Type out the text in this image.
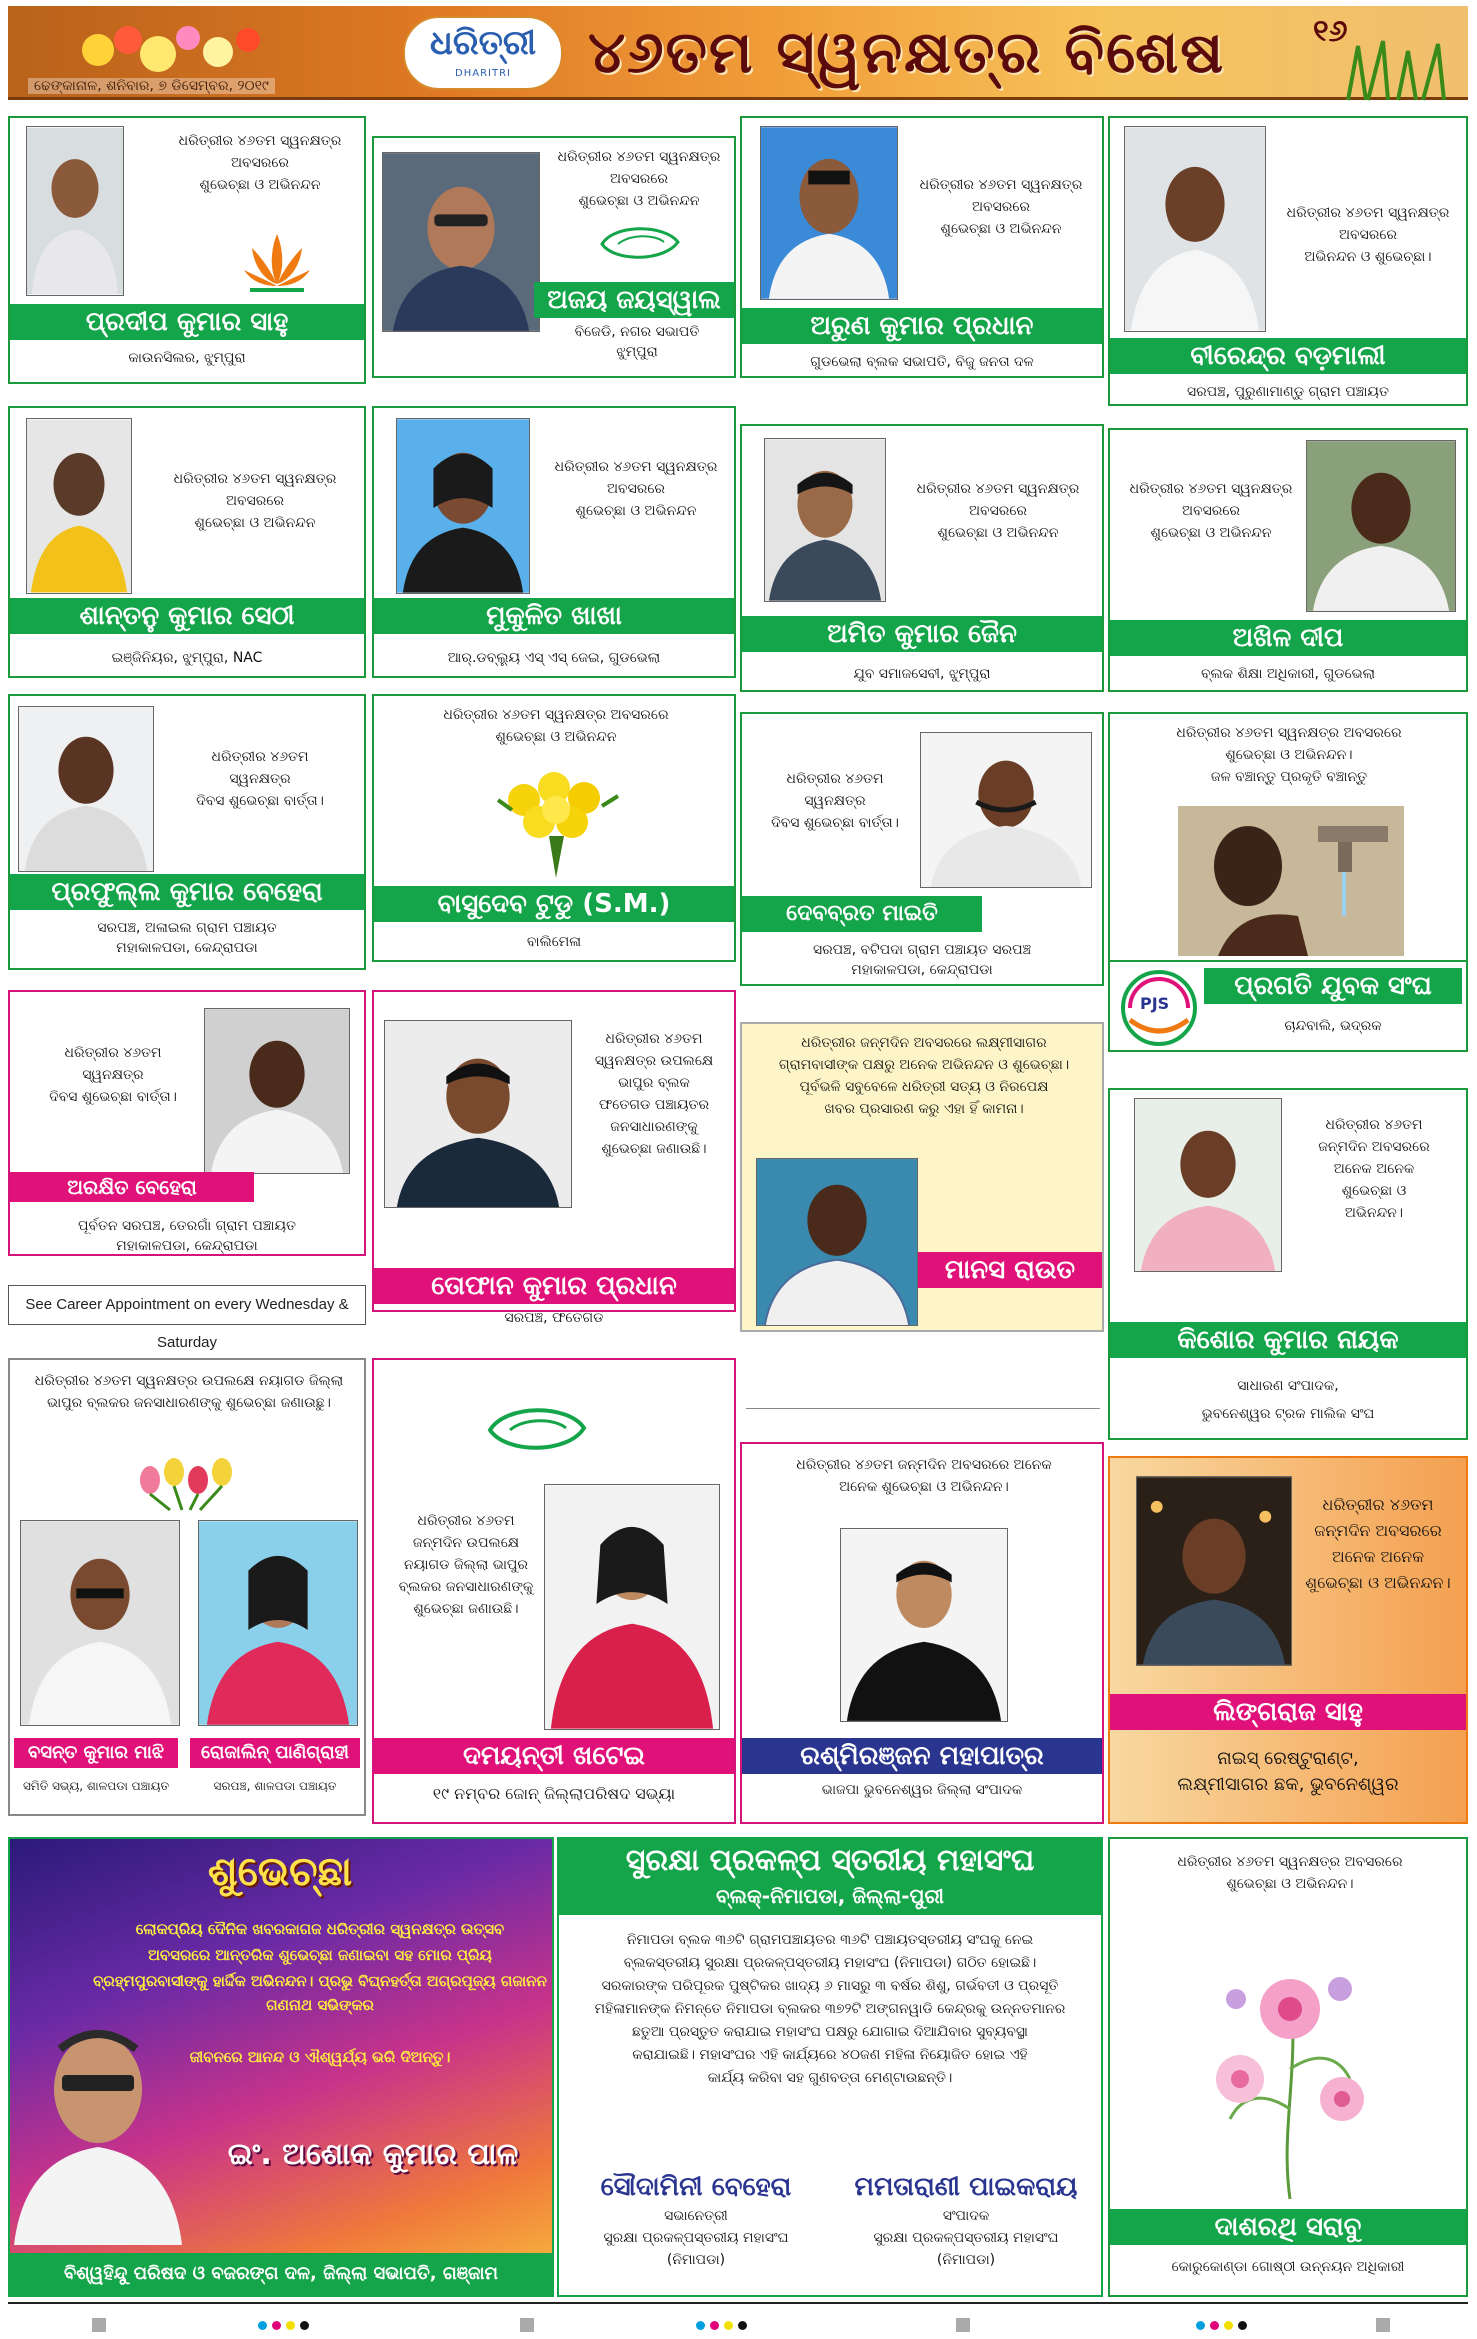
ଧରିତ୍ରୀ
DHARITRI	୪୬ତମ ସ୍ୱନକ୍ଷତ୍ର ବିଶେଷ	୧୬
ଢେଙ୍କାନାଳ, ଶନିବାର, ୭ ଡିସେମ୍ବର, ୨୦୧୯
ଧରିତ୍ରୀର ୪୬ତମ ସ୍ୱନକ୍ଷତ୍ର
ଅବସରରେ
ଶୁଭେଚ୍ଛା ଓ ଅଭିନନ୍ଦନ
ପ୍ରଦୀପ କୁମାର ସାହୁ
କାଉନସିଲର, ଝୁମ୍ପୁରା
ଧରିତ୍ରୀର ୪୬ତମ ସ୍ୱନକ୍ଷତ୍ର
ଅବସରରେ
ଶୁଭେଚ୍ଛା ଓ ଅଭିନନ୍ଦନ
ଅଜୟ ଜୟସ୍ୱାଲ
ବିଜେଡି, ନଗର ସଭାପତି
ଝୁମ୍ପୁରା
ଧରିତ୍ରୀର ୪୬ତମ ସ୍ୱନକ୍ଷତ୍ର
ଅବସରରେ
ଶୁଭେଚ୍ଛା ଓ ଅଭିନନ୍ଦନ
ଅରୁଣ କୁମାର ପ୍ରଧାନ
ଗୁଡଭେଲା ବ୍ଲକ ସଭାପତି, ବିଜୁ ଜନତା ଦଳ
ଧରିତ୍ରୀର ୪୬ତମ ସ୍ୱନକ୍ଷତ୍ର
ଅବସରରେ
ଅଭିନନ୍ଦନ ଓ ଶୁଭେଚ୍ଛା।
ବୀରେନ୍ଦ୍ର ବଡ଼ମାଲୀ
ସରପଞ୍ଚ, ପୁରୁଣାମାଣ୍ଡୁ ଗ୍ରାମ ପଞ୍ଚାୟତ
ଧରିତ୍ରୀର ୪୬ତମ ସ୍ୱନକ୍ଷତ୍ର
ଅବସରରେ
ଶୁଭେଚ୍ଛା ଓ ଅଭିନନ୍ଦନ
ଶାନ୍ତନୁ କୁମାର ସେଠୀ
ଇଞ୍ଜିନିୟର, ଝୁମ୍ପୁରା, NAC
ଧରିତ୍ରୀର ୪୬ତମ ସ୍ୱନକ୍ଷତ୍ର
ଅବସରରେ
ଶୁଭେଚ୍ଛା ଓ ଅଭିନନ୍ଦନ
ମୁକୁଳିତ ଖାଖା
ଆର୍.ଡବ୍ଲ୍ୟୁ ଏସ୍ ଏସ୍ ଜେଇ, ଗୁଡଭେଲା
ଧରିତ୍ରୀର ୪୬ତମ ସ୍ୱନକ୍ଷତ୍ର
ଅବସରରେ
ଶୁଭେଚ୍ଛା ଓ ଅଭିନନ୍ଦନ
ଅମିତ କୁମାର ଜୈନ
ଯୁବ ସମାଜସେବୀ, ଝୁମ୍ପୁରା
ଧରିତ୍ରୀର ୪୬ତମ ସ୍ୱନକ୍ଷତ୍ର
ଅବସରରେ
ଶୁଭେଚ୍ଛା ଓ ଅଭିନନ୍ଦନ
ଅଖିଳ ଦୀପ
ବ୍ଲକ ଶିକ୍ଷା ଅଧିକାରୀ, ଗୁଡଭେଲା
ଧରିତ୍ରୀର ୪୬ତମ
ସ୍ୱନକ୍ଷତ୍ର
ଦିବସ ଶୁଭେଚ୍ଛା ବାର୍ତ୍ତା।
ପ୍ରଫୁଲ୍ଲ କୁମାର ବେହେରା
ସରପଞ୍ଚ, ଅଳାଇଲ ଗ୍ରାମ ପଞ୍ଚାୟତ
ମହାକାଳପଡା, କେନ୍ଦ୍ରାପଡା
ଧରିତ୍ରୀର ୪୬ତମ ସ୍ୱନକ୍ଷତ୍ର ଅବସରରେ
ଶୁଭେଚ୍ଛା ଓ ଅଭିନନ୍ଦନ
ବାସୁଦେବ ଟୁଡୁ (S.M.)
ବାଲିମେଳା
ଧରିତ୍ରୀର ୪୬ତମ
ସ୍ୱନକ୍ଷତ୍ର
ଦିବସ ଶୁଭେଚ୍ଛା ବାର୍ତ୍ତା।
ଦେବବ୍ରତ ମାଇତି
ସରପଞ୍ଚ, ବଟିପଦା ଗ୍ରାମ ପଞ୍ଚାୟତ ସରପଞ୍ଚ
ମହାକାଳପଡା, କେନ୍ଦ୍ରାପଡା
ଧରିତ୍ରୀର ୪୬ତମ ସ୍ୱନକ୍ଷତ୍ର ଅବସରରେ
ଶୁଭେଚ୍ଛା ଓ ଅଭିନନ୍ଦନ।
ଜଳ ବଞ୍ଚାନ୍ତୁ ପ୍ରକୃତି ବଞ୍ଚାନ୍ତୁ
PJS
ପ୍ରଗତି ଯୁବକ ସଂଘ
ଚାନ୍ଦବାଲି, ଭଦ୍ରକ
ଧରିତ୍ରୀର ୪୬ତମ
ସ୍ୱନକ୍ଷତ୍ର
ଦିବସ ଶୁଭେଚ୍ଛା ବାର୍ତ୍ତା।
ଅରକ୍ଷିତ ବେହେରା
ପୂର୍ବତନ ସରପଞ୍ଚ, ତେରଗାଁ ଗ୍ରାମ ପଞ୍ଚାୟତ
ମହାକାଳପଡା, କେନ୍ଦ୍ରାପଡା
ଧରିତ୍ରୀର ୪୬ତମ
ସ୍ୱନକ୍ଷତ୍ର ଉପଲକ୍ଷେ
ଭାପୁର ବ୍ଲକ
ଫତେଗଡ ପଞ୍ଚାୟତର
ଜନସାଧାରଣଙ୍କୁ
ଶୁଭେଚ୍ଛା ଜଣାଉଛି।
ତୋଫାନ କୁମାର ପ୍ରଧାନ
ସରପଞ୍ଚ, ଫତେଗଡ
ଧରିତ୍ରୀର ଜନ୍ମଦିନ ଅବସରରେ ଲକ୍ଷ୍ମୀସାଗର
ଗ୍ରାମବାସୀଙ୍କ ପକ୍ଷରୁ ଅନେକ ଅଭିନନ୍ଦନ ଓ ଶୁଭେଚ୍ଛା।
ପୂର୍ବଭଳି ସବୁବେଳେ ଧରିତ୍ରୀ ସତ୍ୟ ଓ ନିରପେକ୍ଷ
ଖବର ପ୍ରସାରଣ କରୁ ଏହା ହିଁ କାମନା।
ମାନସ ରାଉତ
ଧରିତ୍ରୀର ୪୬ତମ
ଜନ୍ମଦିନ ଅବସରରେ
ଅନେକ ଅନେକ
ଶୁଭେଚ୍ଛା ଓ
ଅଭିନନ୍ଦନ।
କିଶୋର କୁମାର ନାୟକ
ସାଧାରଣ ସଂପାଦକ,
ଭୁବନେଶ୍ୱର ଟ୍ରକ ମାଲିକ ସଂଘ
See Career Appointment on every Wednesday & Saturday
ଧରିତ୍ରୀର ୪୬ତମ ସ୍ୱନକ୍ଷତ୍ର ଉପଲକ୍ଷେ ନୟାଗଡ ଜିଲ୍ଲା
ଭାପୁର ବ୍ଲକର ଜନସାଧାରଣଙ୍କୁ ଶୁଭେଚ୍ଛା ଜଣାଉଛୁ।
ବସନ୍ତ କୁମାର ମାଝି	ରୋଜାଲିନ୍ ପାଣିଗ୍ରାହୀ
ସମିତି ସଭ୍ୟ, ଶାଳପଡା ପଞ୍ଚାୟତ	ସରପଞ୍ଚ, ଶାଳପଡା ପଞ୍ଚାୟତ
ଧରିତ୍ରୀର ୪୬ତମ
ଜନ୍ମଦିନ ଉପଲକ୍ଷେ
ନୟାଗଡ ଜିଲ୍ଲା ଭାପୁର
ବ୍ଲକର ଜନସାଧାରଣଙ୍କୁ
ଶୁଭେଚ୍ଛା ଜଣାଉଛି।
ଦମୟନ୍ତୀ ଖଟେଇ
୧୯ ନମ୍ବର ଜୋନ୍ ଜିଲ୍ଲାପରିଷଦ ସଭ୍ୟା
ଧରିତ୍ରୀର ୪୬ତମ ଜନ୍ମଦିନ ଅବସରରେ ଅନେକ
ଅନେକ ଶୁଭେଚ୍ଛା ଓ ଅଭିନନ୍ଦନ।
ରଶ୍ମିରଞ୍ଜନ ମହାପାତ୍ର
ଭାଜପା ଭୁବନେଶ୍ୱର ଜିଲ୍ଲା ସଂପାଦକ
ଧରିତ୍ରୀର ୪୬ତମ
ଜନ୍ମଦିନ ଅବସରରେ
ଅନେକ ଅନେକ
ଶୁଭେଚ୍ଛା ଓ ଅଭିନନ୍ଦନ।
ଲିଙ୍ଗରାଜ ସାହୁ
ନାଇସ୍ ରେଷ୍ଟୁରାଣ୍ଟ,
ଲକ୍ଷ୍ମୀସାଗର ଛକ, ଭୁବନେଶ୍ୱର
ଶୁଭେଚ୍ଛା
ଲୋକପ୍ରିୟ ଦୈନିକ ଖବରକାଗଜ ଧରିତ୍ରୀର ସ୍ୱନକ୍ଷତ୍ର ଉତ୍ସବ
ଅବସରରେ ଆନ୍ତରିକ ଶୁଭେଚ୍ଛା ଜଣାଇବା ସହ ମୋର ପ୍ରିୟ
ବ୍ରହ୍ମପୁରବାସୀଙ୍କୁ ହାର୍ଦ୍ଦିକ ଅଭିନନ୍ଦନ। ପ୍ରଭୁ ବିଘ୍ନହର୍ତ୍ତା ଅଗ୍ରପୂଜ୍ୟ ଗଜାନନ ଗଣନାଥ ସଭିଙ୍କର
ଜୀବନରେ ଆନନ୍ଦ ଓ ଐଶ୍ୱର୍ଯ୍ୟ ଭରି ଦିଅନ୍ତୁ।
ଇଂ. ଅଶୋକ କୁମାର ପାଳ
ବିଶ୍ୱହିନ୍ଦୁ ପରିଷଦ ଓ ବଜରଙ୍ଗ ଦଳ, ଜିଲ୍ଲା ସଭାପତି, ଗଞ୍ଜାମ
ସୁରକ୍ଷା ପ୍ରକଳ୍ପ ସ୍ତରୀୟ ମହାସଂଘ
ବ୍ଲକ୍-ନିମାପଡା, ଜିଲ୍ଲା-ପୁରୀ
ନିମାପଡା ବ୍ଲକ ୩୬ଟି ଗ୍ରାମପଞ୍ଚାୟତର ୩୬ଟି ପଞ୍ଚାୟତସ୍ତରୀୟ ସଂଘକୁ ନେଇ
ବ୍ଲକସ୍ତରୀୟ ସୁରକ୍ଷା ପ୍ରକଳ୍ପସ୍ତରୀୟ ମହାସଂଘ (ନିମାପଡା) ଗଠିତ ହୋଇଛି।
ସରକାରଙ୍କ ପରିପୂରକ ପୁଷ୍ଟିକର ଖାଦ୍ୟ ୬ ମାସରୁ ୩ ବର୍ଷର ଶିଶୁ, ଗର୍ଭବତୀ ଓ ପ୍ରସୂତି
ମହିଳାମାନଙ୍କ ନିମନ୍ତେ ନିମାପଡା ବ୍ଲକର ୩୭୨ଟି ଅଙ୍ଗନୱାଡି କେନ୍ଦ୍ରକୁ ଉନ୍ନତମାନର
ଛତୁଆ ପ୍ରସ୍ତୁତ କରାଯାଇ ମହାସଂଘ ପକ୍ଷରୁ ଯୋଗାଇ ଦିଆଯିବାର ସୁବ୍ୟବସ୍ଥା
କରାଯାଇଛି। ମହାସଂଘର ଏହି କାର୍ଯ୍ୟରେ ୪୦ଜଣ ମହିଳା ନିୟୋଜିତ ହୋଇ ଏହି
କାର୍ଯ୍ୟ କରିବା ସହ ଗୁଣବତ୍ତା ମେଣ୍ଟାଉଛନ୍ତି।
ସୌଦାମିନୀ ବେହେରା
ସଭାନେତ୍ରୀ
ସୁରକ୍ଷା ପ୍ରକଳ୍ପସ୍ତରୀୟ ମହାସଂଘ
(ନିମାପଡା)
ମମତାରାଣୀ ପାଇକରାୟ
ସଂପାଦକ
ସୁରକ୍ଷା ପ୍ରକଳ୍ପସ୍ତରୀୟ ମହାସଂଘ
(ନିମାପଡା)
ଧରିତ୍ରୀର ୪୬ତମ ସ୍ୱନକ୍ଷତ୍ର ଅବସରରେ
ଶୁଭେଚ୍ଛା ଓ ଅଭିନନ୍ଦନ।
ଦାଶରଥି ସରାବୁ
କୋରୁକୋଣ୍ଡା ଗୋଷ୍ଠୀ ଉନ୍ନୟନ ଅଧିକାରୀ
